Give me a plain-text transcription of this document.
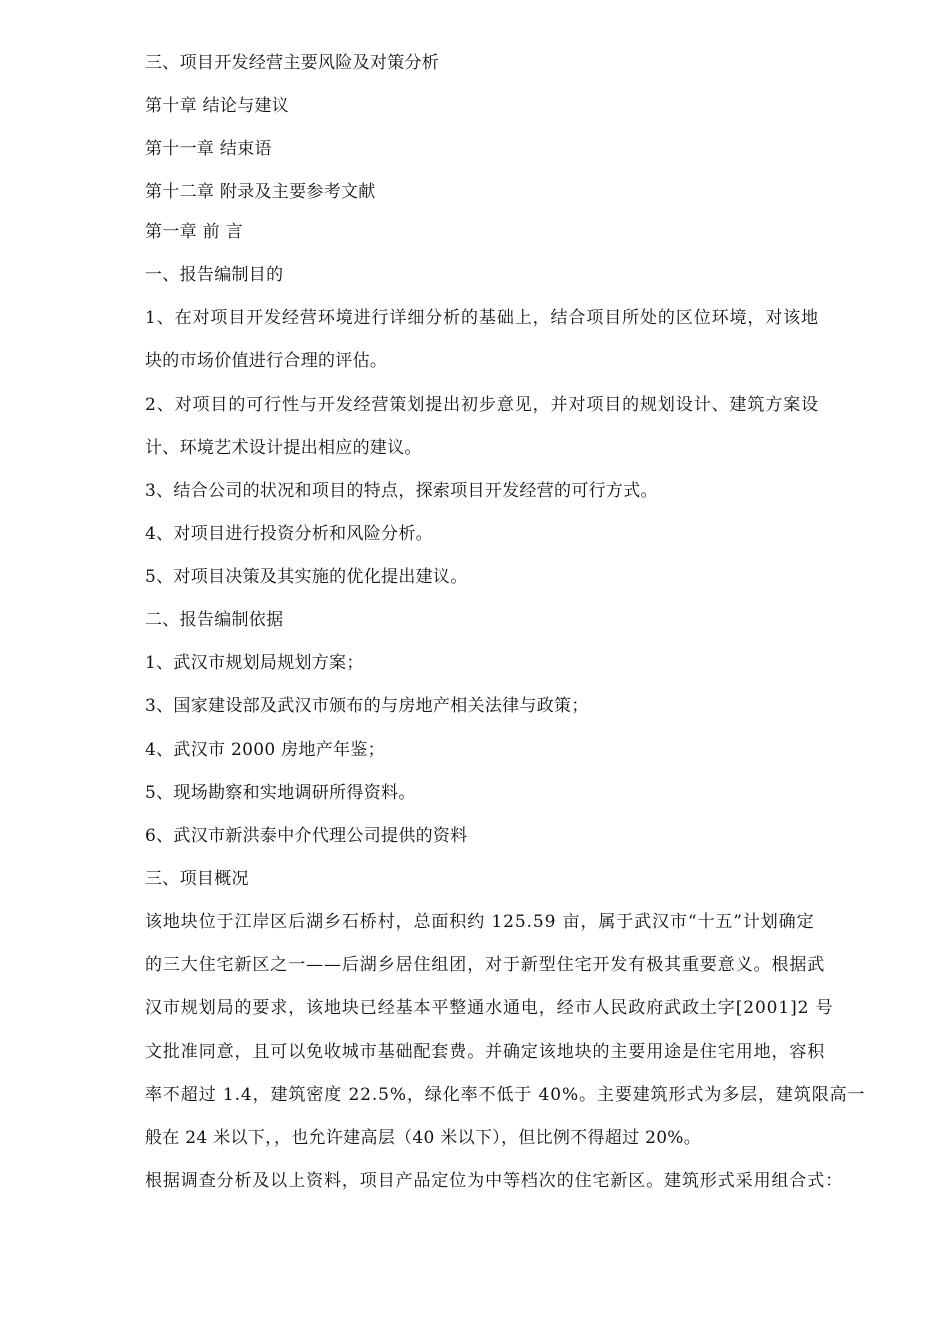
三、项目开发经营主要风险及对策分析
第十章 结论与建议
第十一章 结束语
第十二章 附录及主要参考文献
第一章 前 言
一、报告编制目的
1、在对项目开发经营环境进行详细分析的基础上，结合项目所处的区位环境，对该地
块的市场价值进行合理的评估。
2、对项目的可行性与开发经营策划提出初步意见，并对项目的规划设计、建筑方案设
计、环境艺术设计提出相应的建议。
3、结合公司的状况和项目的特点，探索项目开发经营的可行方式。
4、对项目进行投资分析和风险分析。
5、对项目决策及其实施的优化提出建议。
二、报告编制依据
1、武汉市规划局规划方案；
3、国家建设部及武汉市颁布的与房地产相关法律与政策；
4、武汉市 2000 房地产年鉴；
5、现场勘察和实地调研所得资料。
6、武汉市新洪泰中介代理公司提供的资料
三、项目概况
该地块位于江岸区后湖乡石桥村，总面积约 125.59 亩，属于武汉市“十五”计划确定
的三大住宅新区之一——后湖乡居住组团，对于新型住宅开发有极其重要意义。根据武
汉市规划局的要求，该地块已经基本平整通水通电，经市人民政府武政土字[2001]2 号
文批准同意，且可以免收城市基础配套费。并确定该地块的主要用途是住宅用地，容积
率不超过 1.4，建筑密度 22.5%，绿化率不低于 40%。主要建筑形式为多层，建筑限高一
般在 24 米以下，，也允许建高层（40 米以下），但比例不得超过 20%。
根据调查分析及以上资料，项目产品定位为中等档次的住宅新区。建筑形式采用组合式：
